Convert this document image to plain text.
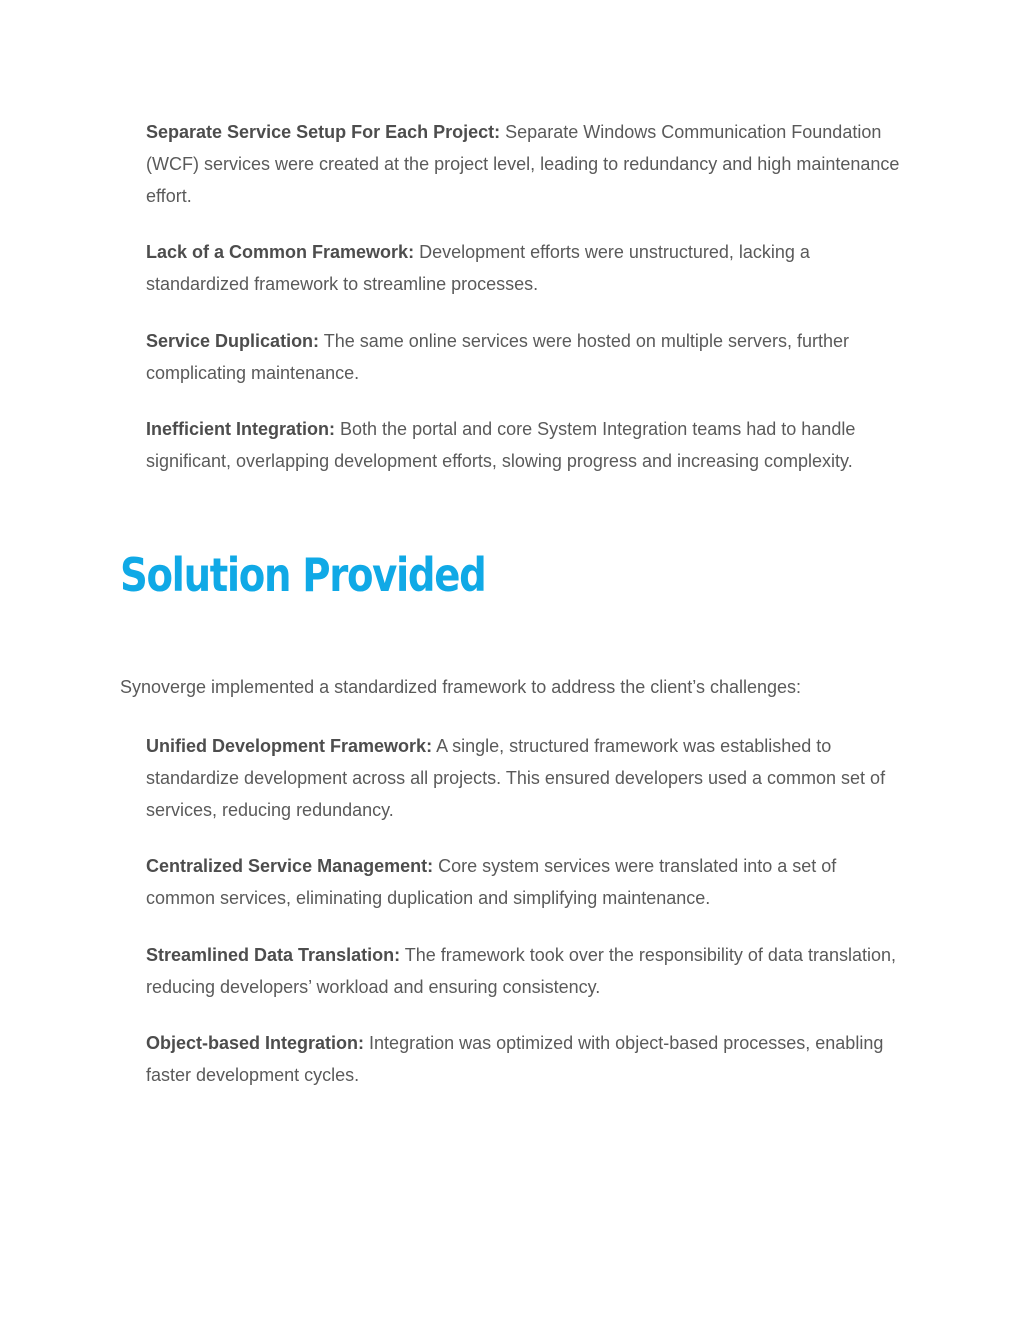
Separate Service Setup For Each Project: Separate Windows Communication Foundation (WCF) services were created at the project level, leading to redundancy and high maintenance effort.

Lack of a Common Framework: Development efforts were unstructured, lacking a standardized framework to streamline processes.

Service Duplication: The same online services were hosted on multiple servers, further complicating maintenance.

Inefficient Integration: Both the portal and core System Integration teams had to handle significant, overlapping development efforts, slowing progress and increasing complexity.

Solution Provided

Synoverge implemented a standardized framework to address the client’s challenges:

Unified Development Framework: A single, structured framework was established to standardize development across all projects. This ensured developers used a common set of services, reducing redundancy.

Centralized Service Management: Core system services were translated into a set of common services, eliminating duplication and simplifying maintenance.

Streamlined Data Translation: The framework took over the responsibility of data translation, reducing developers’ workload and ensuring consistency.

Object-based Integration: Integration was optimized with object-based processes, enabling faster development cycles.
